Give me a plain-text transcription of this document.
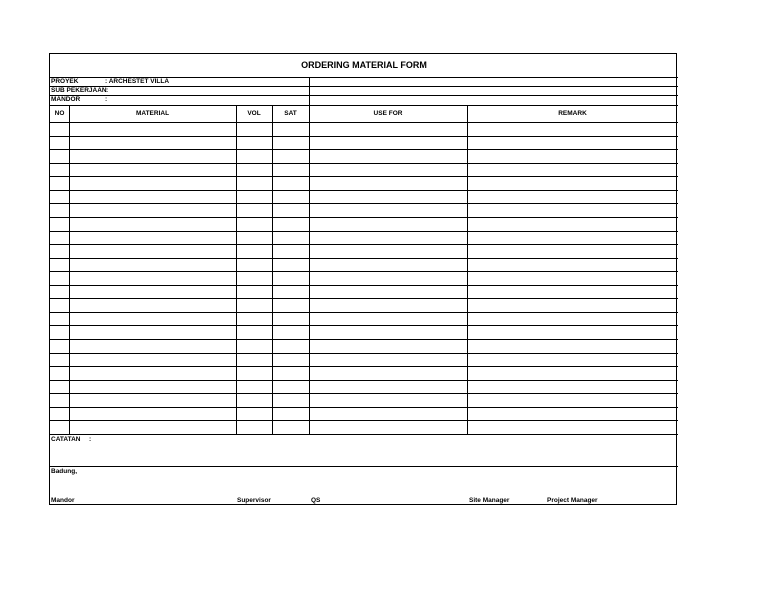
ORDERING MATERIAL FORM
PROYEK	: ARCHESTET VILLA
SUB PEKERJAAN :
MANDOR	:
NO	MATERIAL	VOL	SAT	USE FOR	REMARK
CATATAN :
Badung,
Mandor	Supervisor	QS	Site Manager	Project Manager
